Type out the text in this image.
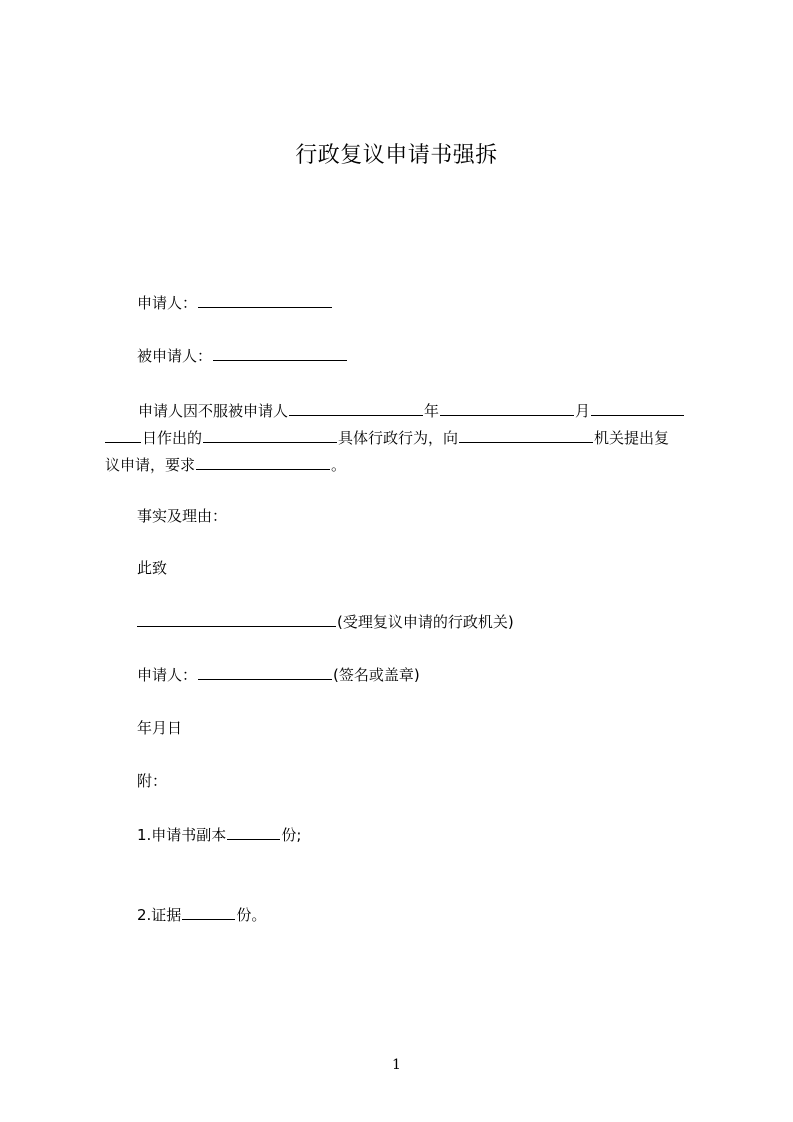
行政复议申请书强拆
申请人：
被申请人：
申请人因不服被申请人	年	月
日作出的	具体行政行为，向	机关提出复
议申请，要求	。
事实及理由：
此致
(受理复议申请的行政机关)
申请人：	(签名或盖章)
年月日
附：
1.申请书副本	份;
2.证据	份。
1
